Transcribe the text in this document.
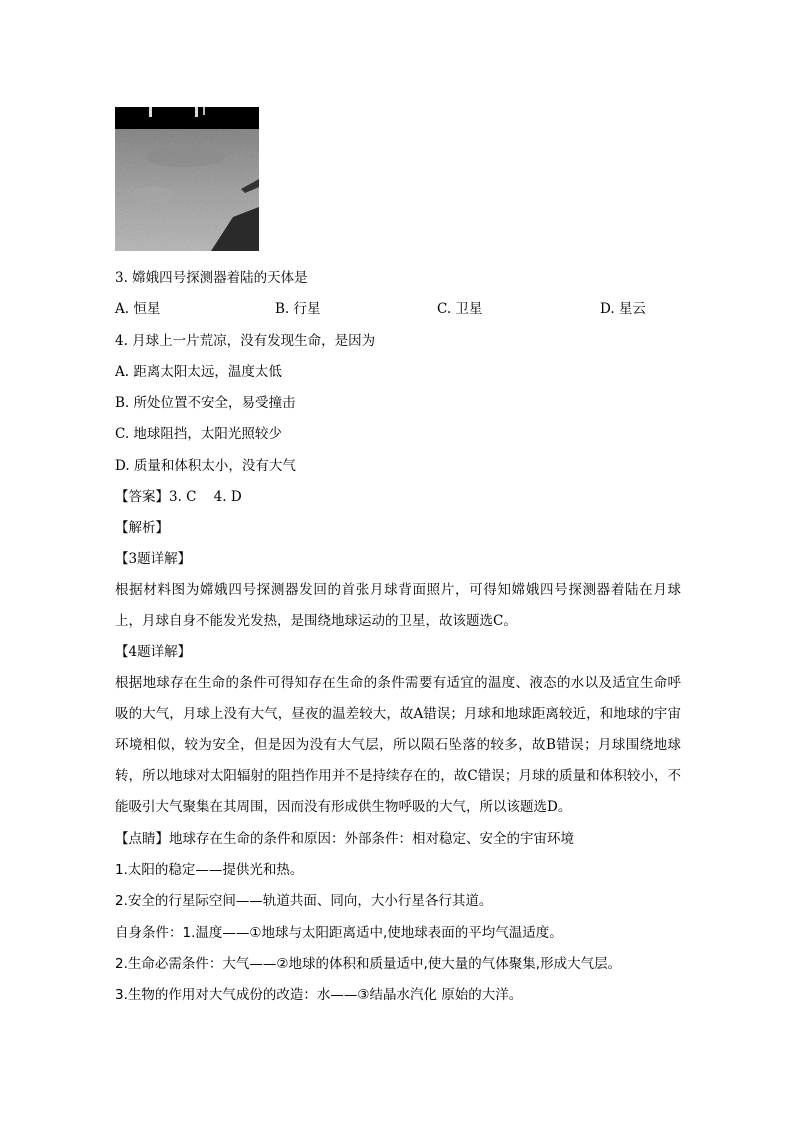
3. 嫦娥四号探测器着陆的天体是
A. 恒星	B. 行星	C. 卫星	D. 星云
4. 月球上一片荒凉，没有发现生命，是因为
A. 距离太阳太远，温度太低
B. 所处位置不安全，易受撞击
C. 地球阻挡，太阳光照较少
D. 质量和体积太小，没有大气
【答案】3. C    4. D
【解析】
【3题详解】
根据材料图为嫦娥四号探测器发回的首张月球背面照片，可得知嫦娥四号探测器着陆在月球上，月球自身不能发光发热，是围绕地球运动的卫星，故该题选C。
【4题详解】
根据地球存在生命的条件可得知存在生命的条件需要有适宜的温度、液态的水以及适宜生命呼吸的大气，月球上没有大气，昼夜的温差较大，故A错误；月球和地球距离较近，和地球的宇宙环境相似，较为安全，但是因为没有大气层，所以陨石坠落的较多，故B错误；月球围绕地球转，所以地球对太阳辐射的阻挡作用并不是持续存在的，故C错误；月球的质量和体积较小，不能吸引大气聚集在其周围，因而没有形成供生物呼吸的大气，所以该题选D。
【点睛】地球存在生命的条件和原因：外部条件：相对稳定、安全的宇宙环境
1.太阳的稳定——提供光和热。
2.安全的行星际空间——轨道共面、同向，大小行星各行其道。
自身条件：1.温度——①地球与太阳距离适中,使地球表面的平均气温适度。
2.生命必需条件：大气——②地球的体积和质量适中,使大量的气体聚集,形成大气层。
3.生物的作用对大气成份的改造：水——③结晶水汽化 原始的大洋。
